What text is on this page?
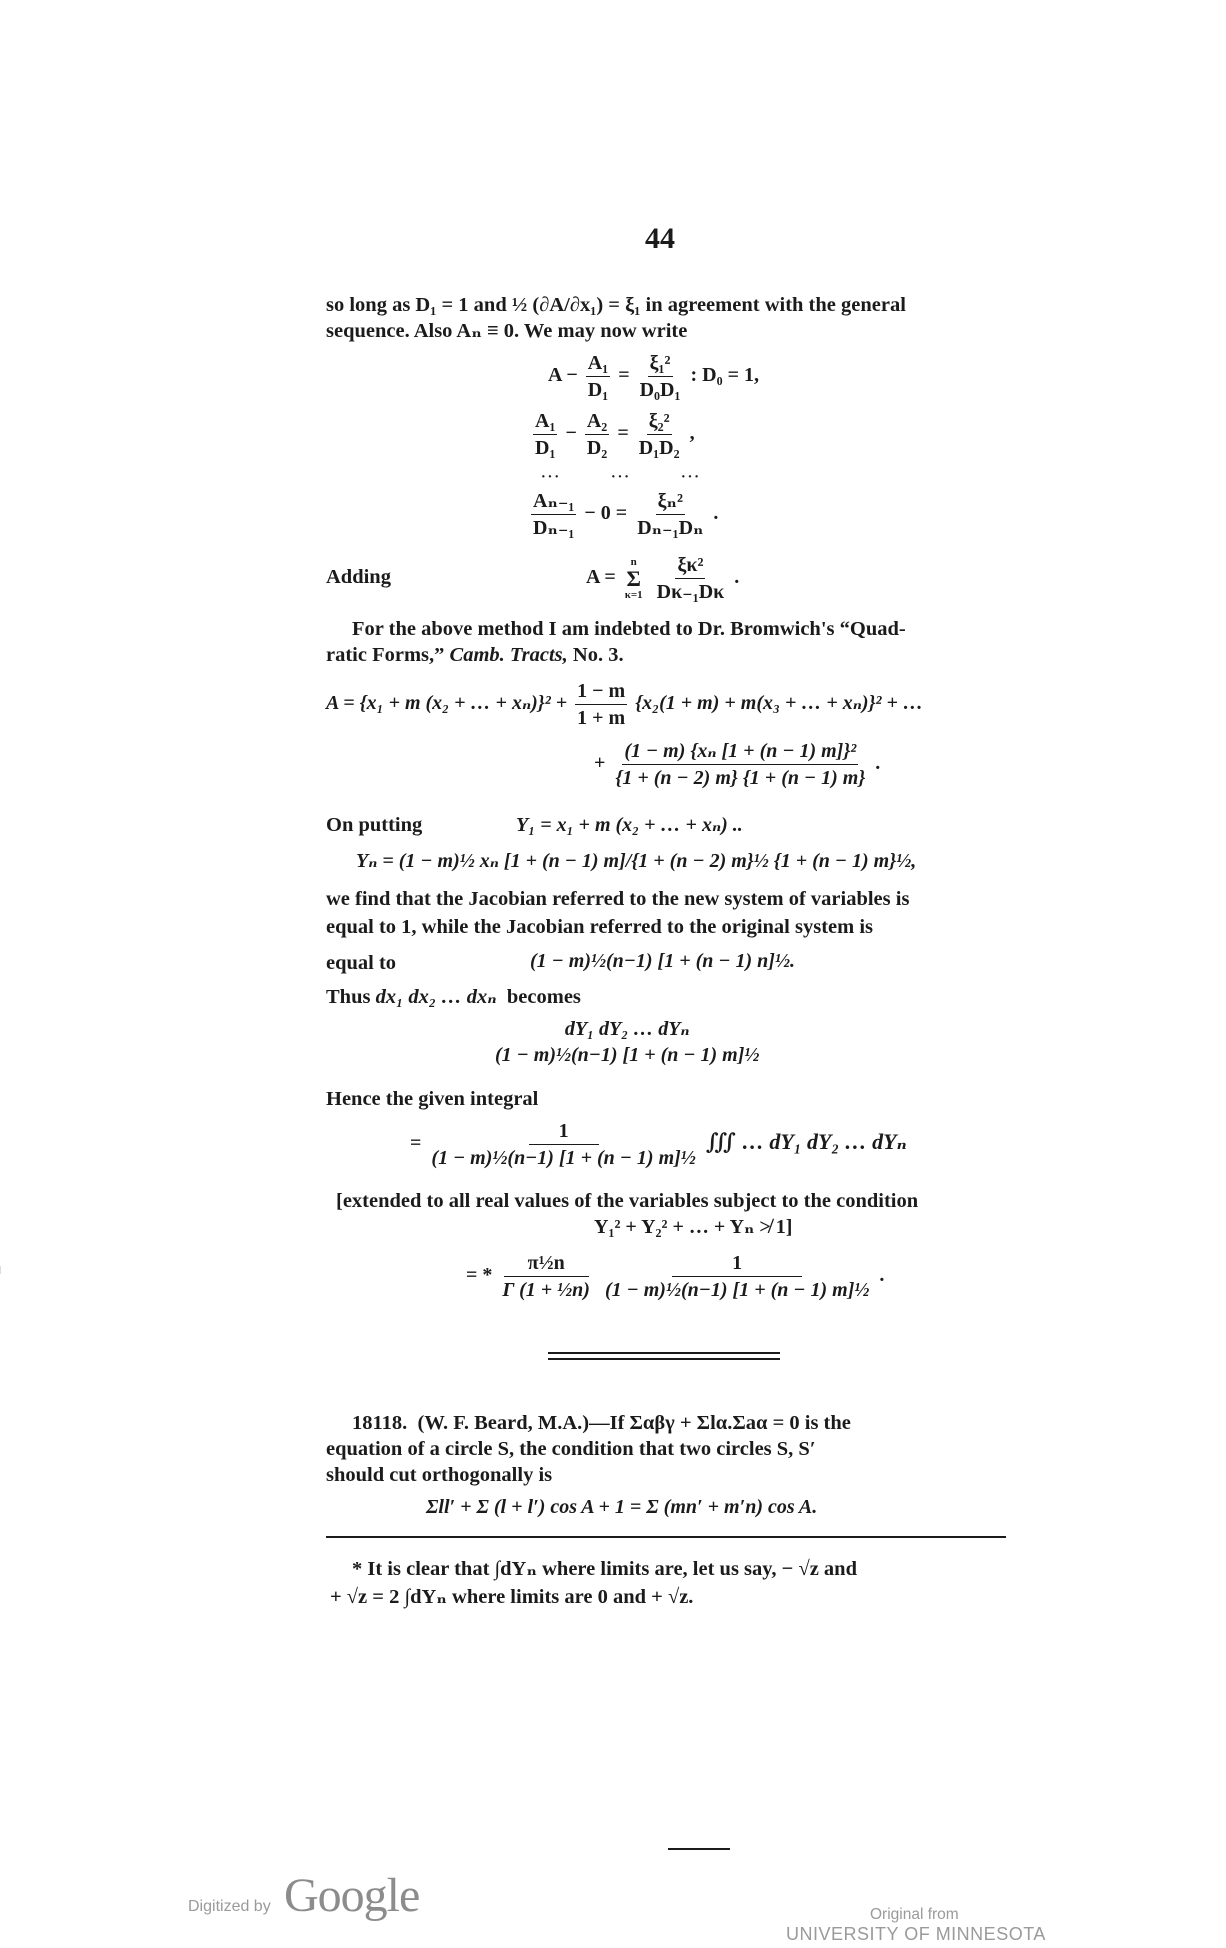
44
so long as D₁ = 1 and ½ (∂A/∂x₁) = ξ₁ in agreement with the general
sequence. Also Aₙ ≡ 0. We may now write
$A - \frac{\text{A₁}}{\text{D₁}} = \frac{\text{ξ₁²}}{\text{D₀D₁}}$ : D₀ = 1,
$\frac{\text{A₁}}{\text{D₁}} - \frac{\text{A₂}}{\text{D₂}} = \frac{\text{ξ₂²}}{\text{D₁D₂}}$ ,
···          ···          ···
$\frac{\text{Aₙ₋₁}}{\text{Dₙ₋₁}} - 0 = \frac{\text{ξₙ²}}{\text{Dₙ₋₁Dₙ}}$ .
Adding	A =
n
Σ
κ=1
$\frac{\text{ξκ²}}{\text{Dκ₋₁Dκ}}$ .
For the above method I am indebted to Dr. Bromwich's “Quad-
ratic Forms,” Camb. Tracts, No. 3.
A = {x₁ + m (x₂ + … + $x_n)\}^2 + \frac{1 - m}{1 + m} \{x_2(1 + m) + m(x_3$ + … + xₙ)}² + …
+ $\frac{\text{(1 − m) \{xₙ [1 + (n − 1) m]\}²}}{\{1 + (n - 2) m\} \{1 + (n - 1) m\}}$ .
On putting	Y₁ = x₁ + m (x₂ + … + xₙ) ..
Yₙ = (1 − m)½ xₙ [1 + (n − 1) m]/{1 + (n − 2) m}½ {1 + (n − 1) m}½,
we find that the Jacobian referred to the new system of variables is
equal to 1, while the Jacobian referred to the original system is
equal to	(1 − m)½(n−1) [1 + (n − 1) n]½.
Thus dx₁ dx₂ … dxₙ becomes
dY₁ dY₂ … dYₙ
(1 − m)½(n−1) [1 + (n − 1) m]½
Hence the given integral
= $\frac{1}{\text{(1 − m)½(n−1) [1 + (n − 1) m]½}}$ ∭ … dY₁ dY₂ … dYₙ
[extended to all real values of the variables subject to the condition
Y₁² + Y₂² + … + Yₙ ≯ 1]
= * $\frac{\text{π½n}}{\text{Γ (1 + ½n)}}$
$\frac{1}{\text{(1 − m)½(n−1) [1 + (n − 1) m]½}}$ .
18118. (W. F. Beard, M.A.)—If Σαβγ + Σlα.Σaα = 0 is the
equation of a circle S, the condition that two circles S, S′
should cut orthogonally is
Σll′ + Σ (l + l′) cos A + 1 = Σ (mn′ + m′n) cos A.
* It is clear that ∫dYₙ where limits are, let us say, − √z and
+ √z = 2 ∫dYₙ where limits are 0 and + √z.
Digitized by Google	Original from
UNIVERSITY OF MINNESOTA
